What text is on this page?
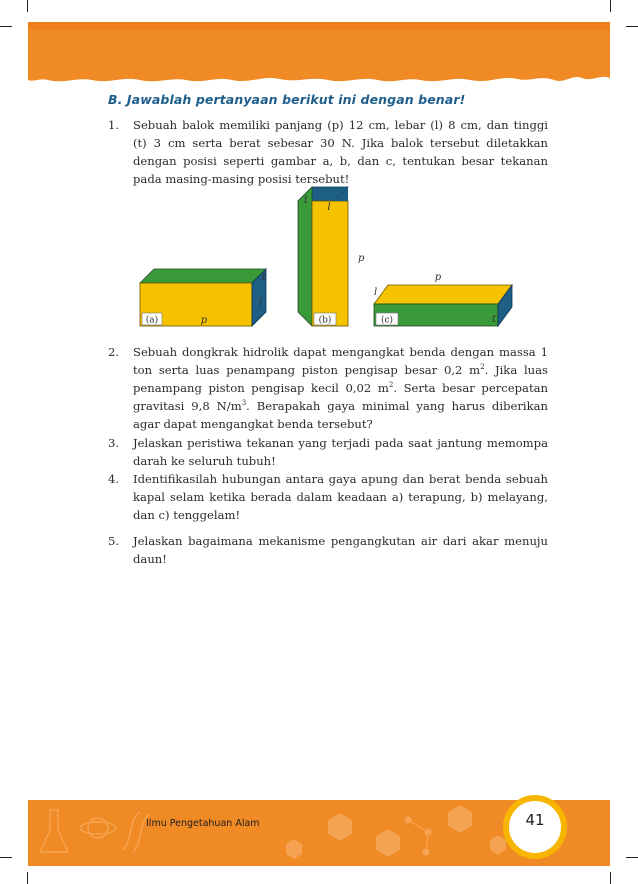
B. Jawablah pertanyaan berikut ini dengan benar!
1. Sebuah balok memiliki panjang (p) 12 cm, lebar (l) 8 cm, dan tinggi (t) 3 cm serta berat sebesar 30 N. Jika balok tersebut diletakkan dengan posisi seperti gambar a, b, dan c, tentukan besar tekanan pada masing-masing posisi tersebut!
(a)	p
l
t
(b)
l
t
p
(c)
p
l
t
2. Sebuah dongkrak hidrolik dapat mengangkat benda dengan massa 1 ton serta luas penampang piston pengisap besar 0,2 $m^2$. Jika luas penampang piston pengisap kecil 0,02 $m^2$. Serta besar percepatan gravitasi 9,8 $N/m^3$. Berapakah gaya minimal yang harus diberikan agar dapat mengangkat benda tersebut?
3. Jelaskan peristiwa tekanan yang terjadi pada saat jantung memompa darah ke seluruh tubuh!
4. Identifikasilah hubungan antara gaya apung dan berat benda sebuah kapal selam ketika berada dalam keadaan a) terapung, b) melayang, dan c) tenggelam!
5. Jelaskan bagaimana mekanisme pengangkutan air dari akar menuju daun!
Ilmu Pengetahuan Alam	41
